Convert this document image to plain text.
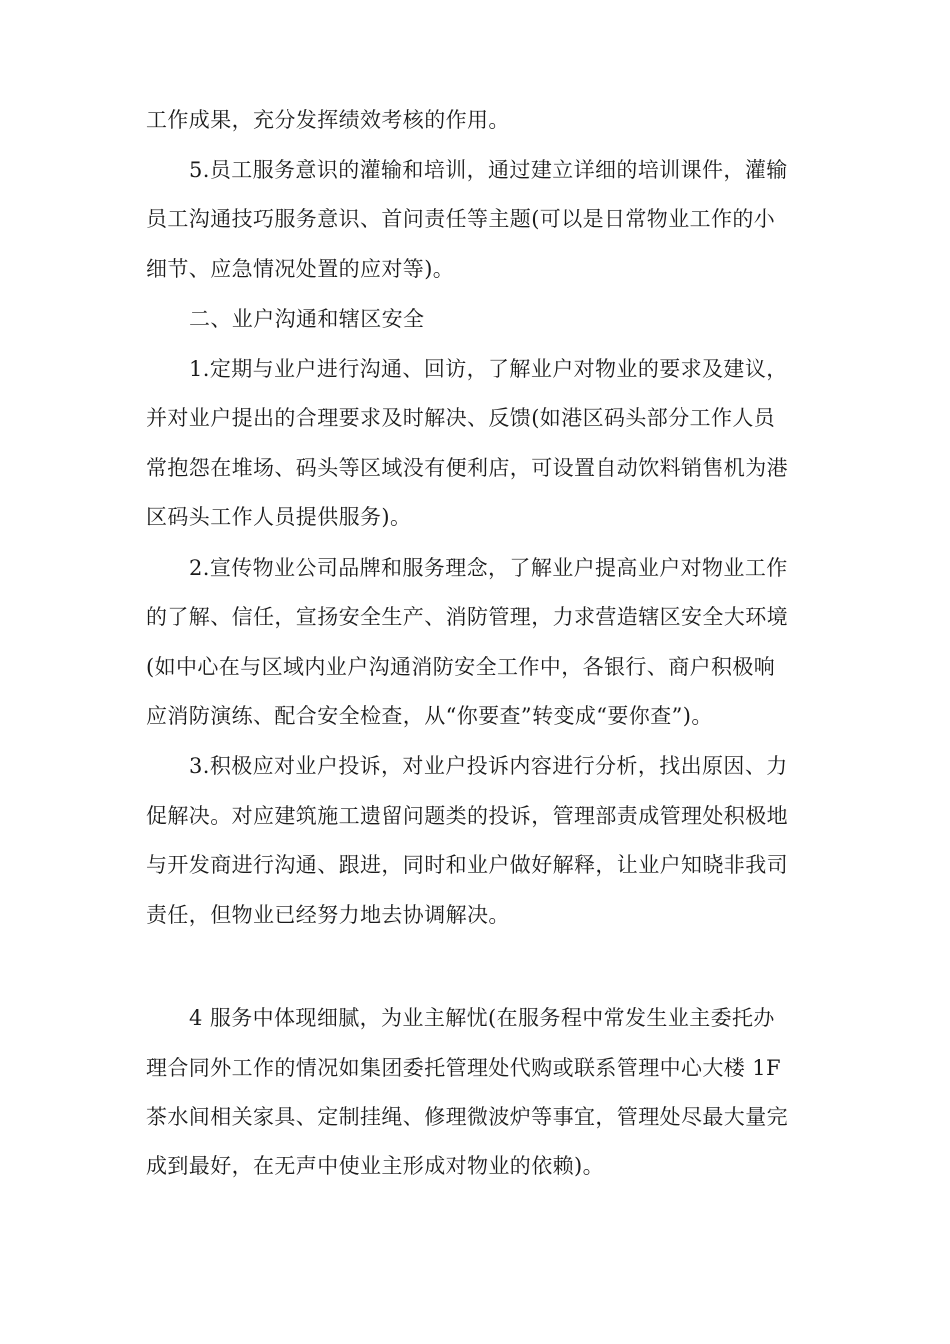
工作成果，充分发挥绩效考核的作用。
5.员工服务意识的灌输和培训，通过建立详细的培训课件，灌输
员工沟通技巧服务意识、首问责任等主题(可以是日常物业工作的小
细节、应急情况处置的应对等)。
二、业户沟通和辖区安全
1.定期与业户进行沟通、回访，了解业户对物业的要求及建议，
并对业户提出的合理要求及时解决、反馈(如港区码头部分工作人员
常抱怨在堆场、码头等区域没有便利店，可设置自动饮料销售机为港
区码头工作人员提供服务)。
2.宣传物业公司品牌和服务理念，了解业户提高业户对物业工作
的了解、信任，宣扬安全生产、消防管理，力求营造辖区安全大环境
(如中心在与区域内业户沟通消防安全工作中，各银行、商户积极响
应消防演练、配合安全检查，从“你要查”转变成“要你查”)。
3.积极应对业户投诉，对业户投诉内容进行分析，找出原因、力
促解决。对应建筑施工遗留问题类的投诉，管理部责成管理处积极地
与开发商进行沟通、跟进，同时和业户做好解释，让业户知晓非我司
责任，但物业已经努力地去协调解决。
4 服务中体现细腻，为业主解忧(在服务程中常发生业主委托办
理合同外工作的情况如集团委托管理处代购或联系管理中心大楼 1F
茶水间相关家具、定制挂绳、修理微波炉等事宜，管理处尽最大量完
成到最好，在无声中使业主形成对物业的依赖)。
